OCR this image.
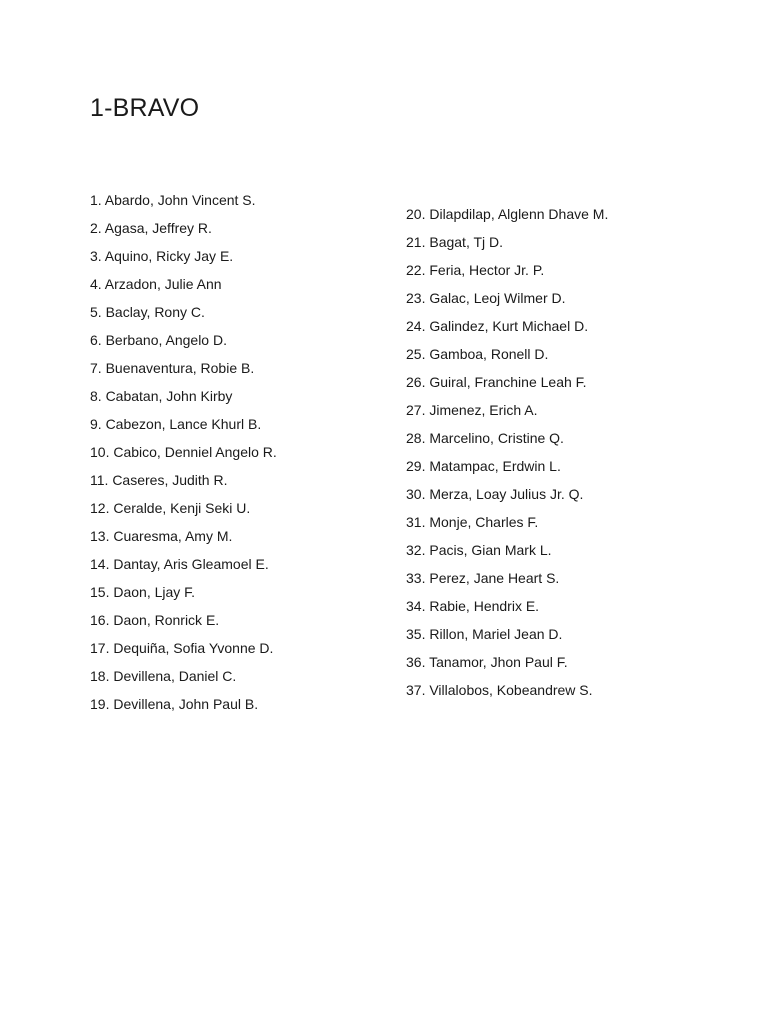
1-BRAVO
1. Abardo, John Vincent S.
2. Agasa, Jeffrey R.
3. Aquino, Ricky Jay E.
4. Arzadon, Julie Ann
5. Baclay, Rony C.
6. Berbano, Angelo D.
7. Buenaventura, Robie B.
8. Cabatan, John Kirby
9. Cabezon, Lance Khurl B.
10. Cabico, Denniel Angelo R.
11. Caseres, Judith R.
12. Ceralde, Kenji Seki U.
13. Cuaresma, Amy M.
14. Dantay, Aris Gleamoel E.
15. Daon, Ljay F.
16. Daon, Ronrick E.
17. Dequiña, Sofia Yvonne D.
18. Devillena, Daniel C.
19. Devillena, John Paul B.
20. Dilapdilap, Alglenn Dhave M.
21. Bagat, Tj D.
22. Feria, Hector Jr. P.
23. Galac, Leoj Wilmer D.
24. Galindez, Kurt Michael D.
25. Gamboa, Ronell D.
26. Guiral, Franchine Leah F.
27. Jimenez, Erich A.
28. Marcelino, Cristine Q.
29. Matampac, Erdwin L.
30. Merza, Loay Julius Jr. Q.
31. Monje, Charles F.
32. Pacis, Gian Mark L.
33. Perez, Jane Heart S.
34. Rabie, Hendrix E.
35. Rillon, Mariel Jean D.
36. Tanamor, Jhon Paul F.
37. Villalobos, Kobeandrew S.
